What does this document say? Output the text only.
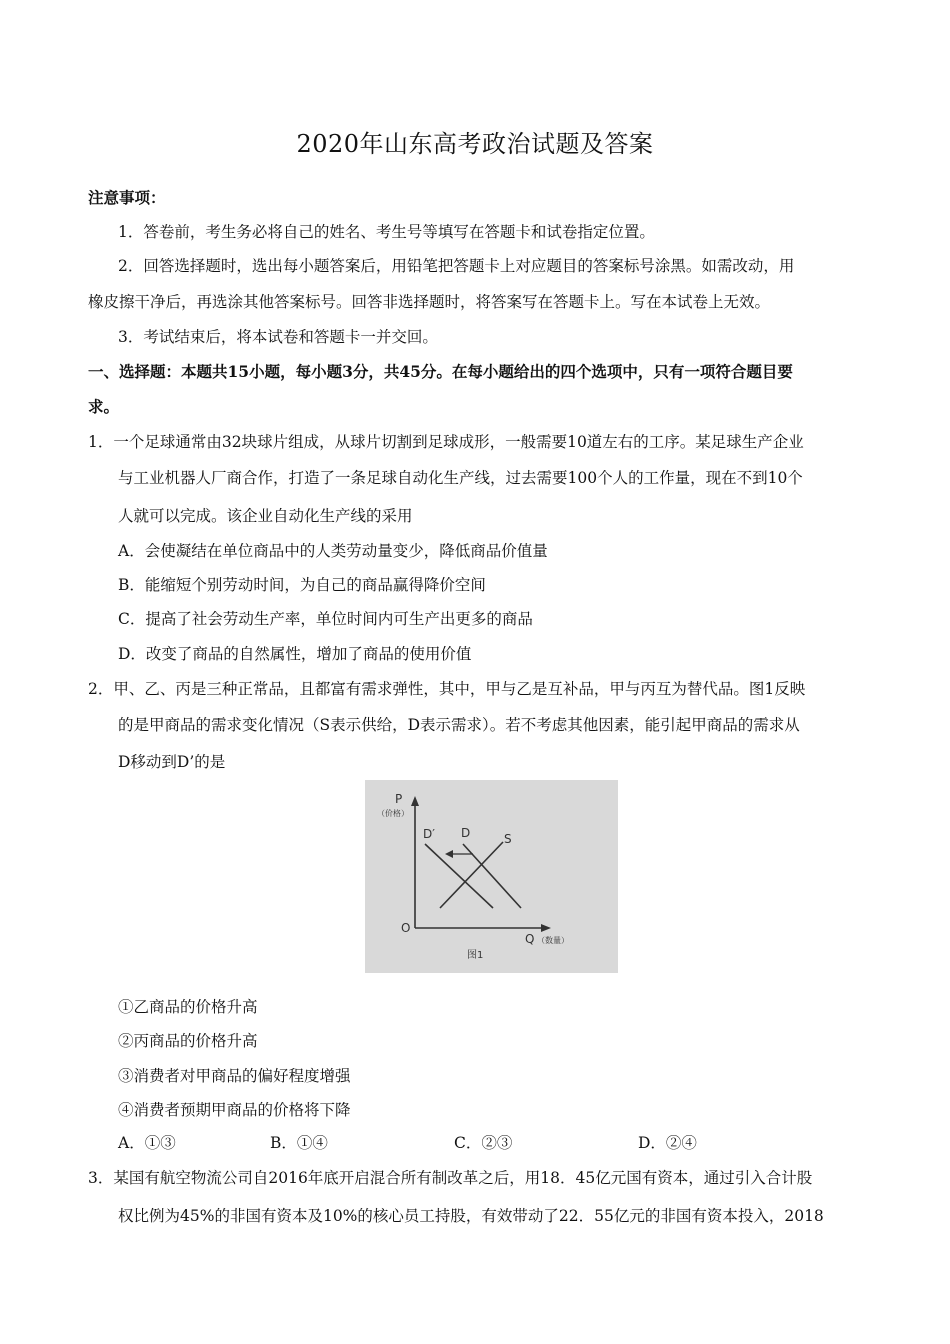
2020年山东高考政治试题及答案
注意事项：
1．答卷前，考生务必将自己的姓名、考生号等填写在答题卡和试卷指定位置。
2．回答选择题时，选出每小题答案后，用铅笔把答题卡上对应题目的答案标号涂黑。如需改动，用
橡皮擦干净后，再选涂其他答案标号。回答非选择题时，将答案写在答题卡上。写在本试卷上无效。
3．考试结束后，将本试卷和答题卡一并交回。
一、选择题：本题共15小题，每小题3分，共45分。在每小题给出的四个选项中，只有一项符合题目要
求。
1．一个足球通常由32块球片组成，从球片切割到足球成形，一般需要10道左右的工序。某足球生产企业
与工业机器人厂商合作，打造了一条足球自动化生产线，过去需要100个人的工作量，现在不到10个
人就可以完成。该企业自动化生产线的采用
A．会使凝结在单位商品中的人类劳动量变少，降低商品价值量
B．能缩短个别劳动时间，为自己的商品赢得降价空间
C．提高了社会劳动生产率，单位时间内可生产出更多的商品
D．改变了商品的自然属性，增加了商品的使用价值
2．甲、乙、丙是三种正常品，且都富有需求弹性，其中，甲与乙是互补品，甲与丙互为替代品。图1反映
的是甲商品的需求变化情况（S表示供给，D表示需求）。若不考虑其他因素，能引起甲商品的需求从
D移动到D’的是
P
（价格）
D′ D	S
O
Q （数量）
图1
①乙商品的价格升高
②丙商品的价格升高
③消费者对甲商品的偏好程度增强
④消费者预期甲商品的价格将下降
A．①③	B．①④	C．②③	D．②④
3．某国有航空物流公司自2016年底开启混合所有制改革之后，用18．45亿元国有资本，通过引入合计股
权比例为45%的非国有资本及10%的核心员工持股，有效带动了22．55亿元的非国有资本投入，2018
